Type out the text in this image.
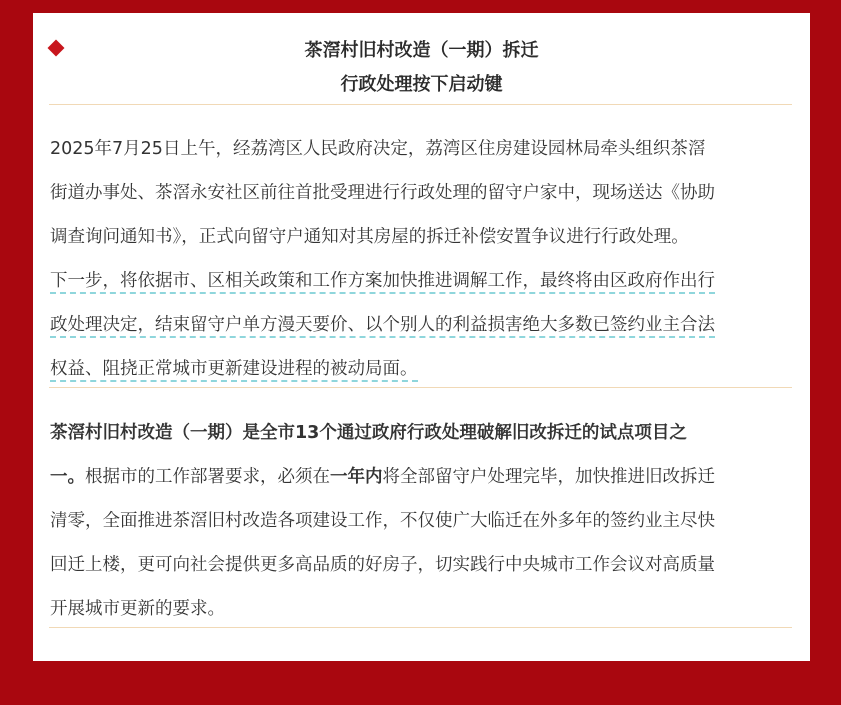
茶滘村旧村改造（一期）拆迁
行政处理按下启动键
2025年7月25日上午，经荔湾区人民政府决定，荔湾区住房建设园林局牵头组织茶滘
街道办事处、茶滘永安社区前往首批受理进行行政处理的留守户家中，现场送达《协助
调查询问通知书》，正式向留守户通知对其房屋的拆迁补偿安置争议进行行政处理。
下一步，将依据市、区相关政策和工作方案加快推进调解工作，最终将由区政府作出行
政处理决定，结束留守户单方漫天要价、以个别人的利益损害绝大多数已签约业主合法
权益、阻挠正常城市更新建设进程的被动局面。
茶滘村旧村改造（一期）是全市13个通过政府行政处理破解旧改拆迁的试点项目之
一。根据市的工作部署要求，必须在一年内将全部留守户处理完毕，加快推进旧改拆迁
清零，全面推进茶滘旧村改造各项建设工作，不仅使广大临迁在外多年的签约业主尽快
回迁上楼，更可向社会提供更多高品质的好房子，切实践行中央城市工作会议对高质量
开展城市更新的要求。
